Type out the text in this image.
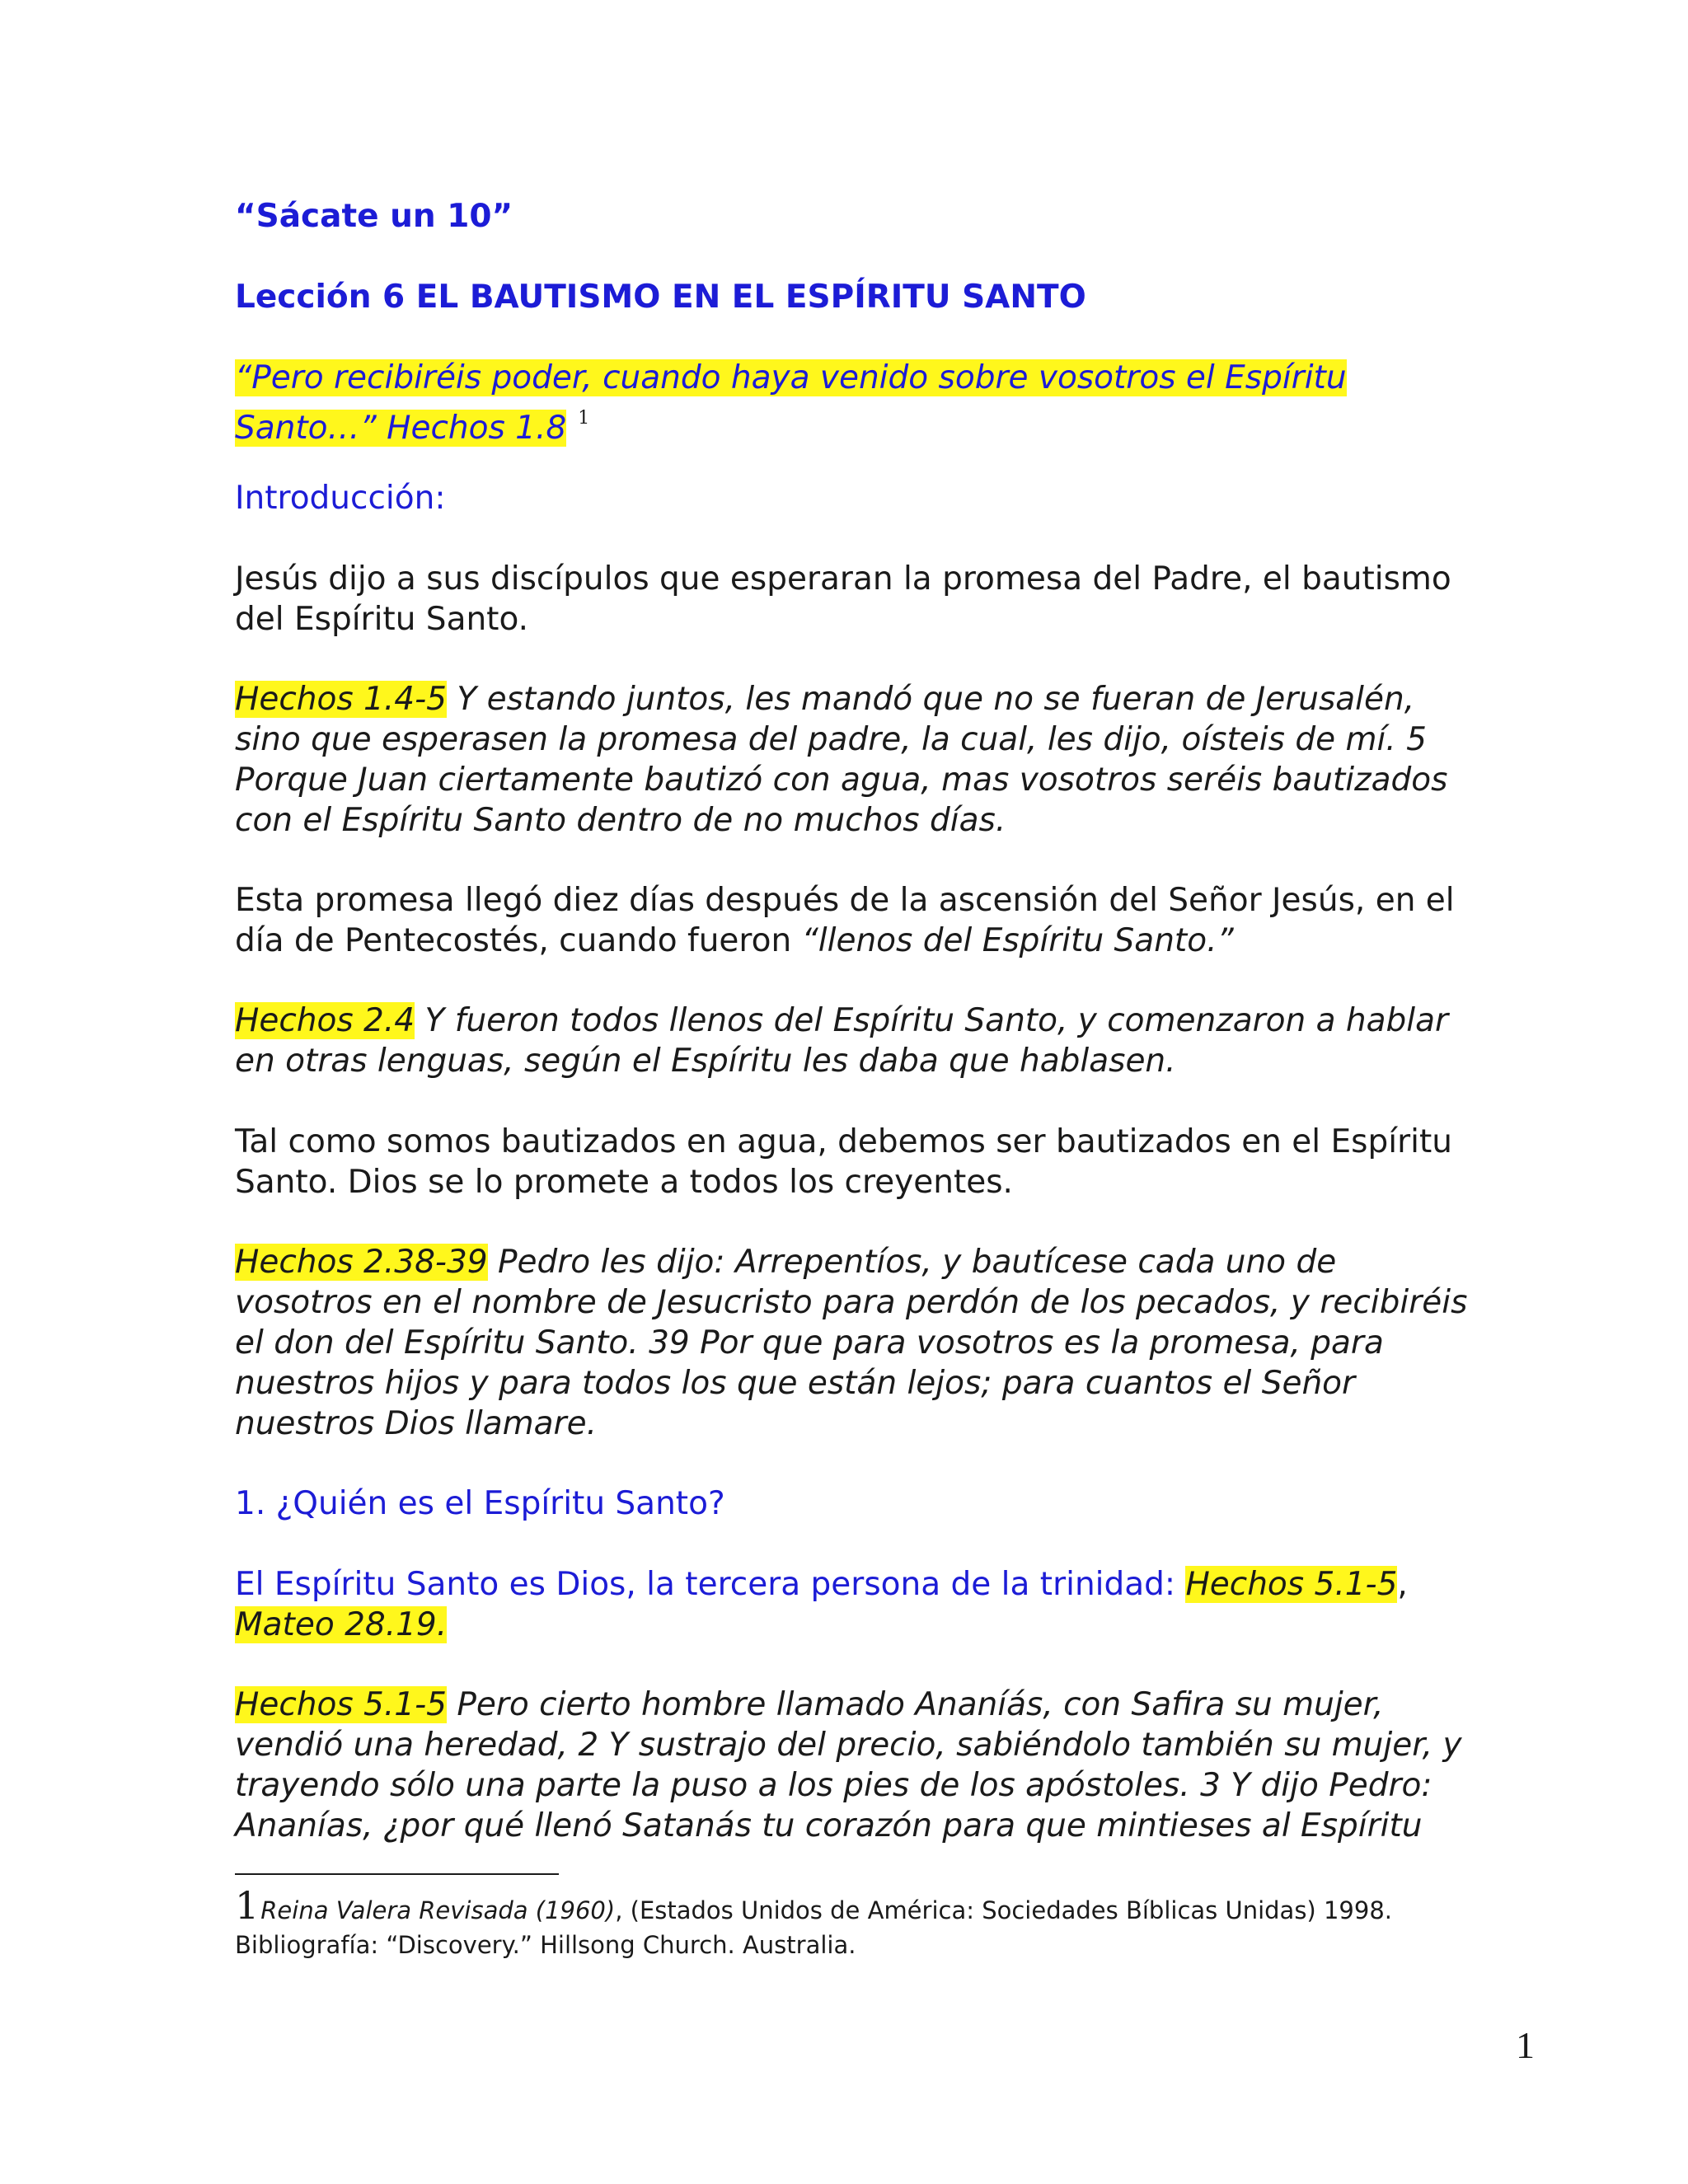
“Sácate un 10”
Lección 6 EL BAUTISMO EN EL ESPÍRITU SANTO
“Pero recibiréis poder, cuando haya venido sobre vosotros el Espíritu
Santo…” Hechos 1.8 $^1$
Introducción:
Jesús dijo a sus discípulos que esperaran la promesa del Padre, el bautismo
del Espíritu Santo.
Hechos 1.4-5 Y estando juntos, les mandó que no se fueran de Jerusalén,
sino que esperasen la promesa del padre, la cual, les dijo, oísteis de mí. 5
Porque Juan ciertamente bautizó con agua, mas vosotros seréis bautizados
con el Espíritu Santo dentro de no muchos días.
Esta promesa llegó diez días después de la ascensión del Señor Jesús, en el
día de Pentecostés, cuando fueron “llenos del Espíritu Santo.”
Hechos 2.4 Y fueron todos llenos del Espíritu Santo, y comenzaron a hablar
en otras lenguas, según el Espíritu les daba que hablasen.
Tal como somos bautizados en agua, debemos ser bautizados en el Espíritu
Santo. Dios se lo promete a todos los creyentes.
Hechos 2.38-39 Pedro les dijo: Arrepentíos, y bautícese cada uno de
vosotros en el nombre de Jesucristo para perdón de los pecados, y recibiréis
el don del Espíritu Santo. 39 Por que para vosotros es la promesa, para
nuestros hijos y para todos los que están lejos; para cuantos el Señor
nuestros Dios llamare.
1. ¿Quién es el Espíritu Santo?
El Espíritu Santo es Dios, la tercera persona de la trinidad: Hechos 5.1-5,
Mateo 28.19.
Hechos 5.1-5 Pero cierto hombre llamado Ananíás, con Safira su mujer,
vendió una heredad, 2 Y sustrajo del precio, sabiéndolo también su mujer, y
trayendo sólo una parte la puso a los pies de los apóstoles. 3 Y dijo Pedro:
Ananías, ¿por qué llenó Satanás tu corazón para que mintieses al Espíritu
1Reina Valera Revisada (1960), (Estados Unidos de América: Sociedades Bíblicas Unidas) 1998.
Bibliografía: “Discovery.” Hillsong Church. Australia.
1
